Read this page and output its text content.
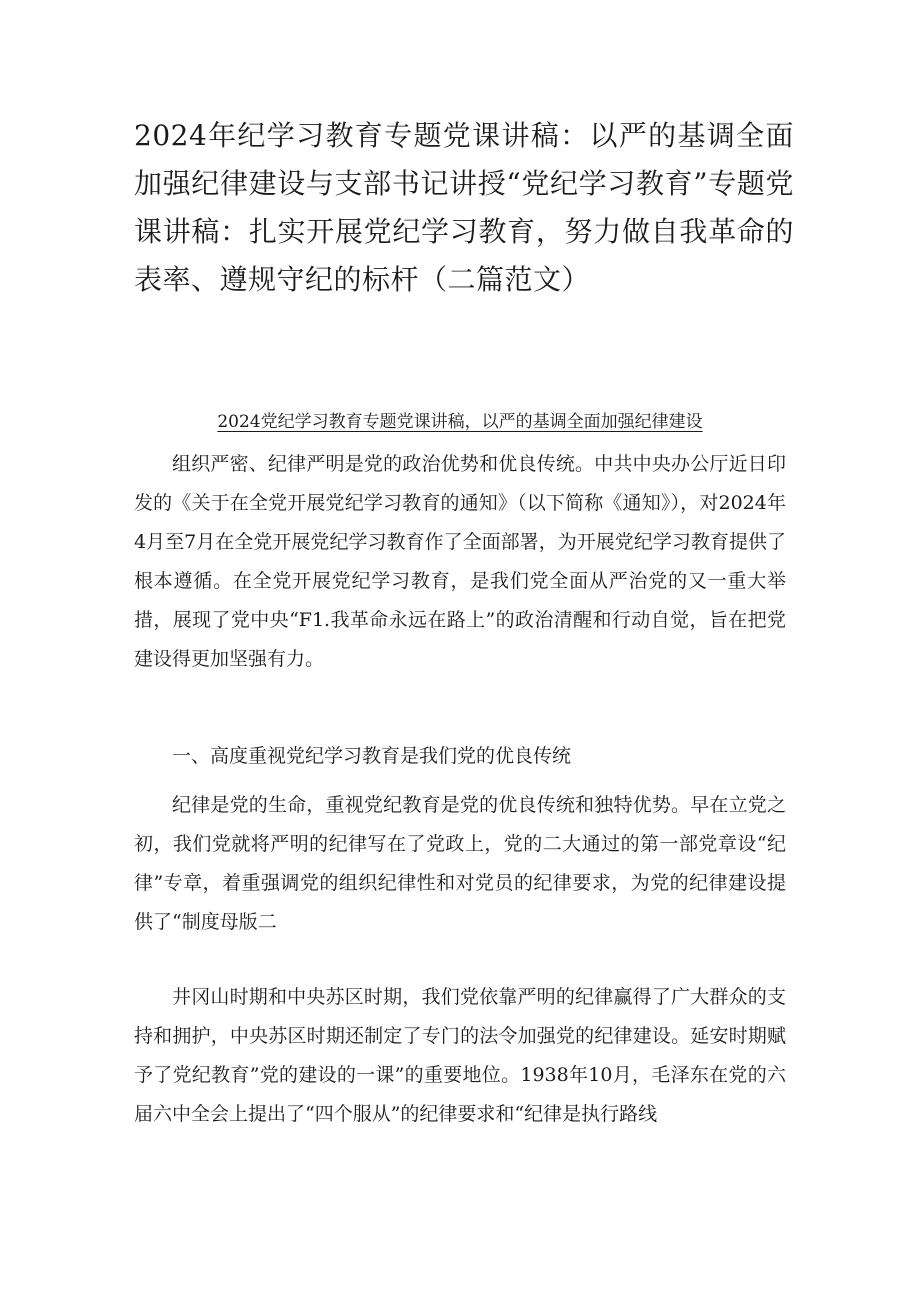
2024年纪学习教育专题党课讲稿：以严的基调全面加强纪律建设与支部书记讲授“党纪学习教育”专题党课讲稿：扎实开展党纪学习教育，努力做自我革命的表率、遵规守纪的标杆（二篇范文）
2024党纪学习教育专题党课讲稿，以严的基调全面加强纪律建设

组织严密、纪律严明是党的政治优势和优良传统。中共中央办公厅近日印发的《关于在全党开展党纪学习教育的通知》（以下简称《通知》），对2024年4月至7月在全党开展党纪学习教育作了全面部署，为开展党纪学习教育提供了根本遵循。在全党开展党纪学习教育，是我们党全面从严治党的又一重大举措，展现了党中央“F1.我革命永远在路上”的政治清醒和行动自觉，旨在把党建设得更加坚强有力。

一、高度重视党纪学习教育是我们党的优良传统

纪律是党的生命，重视党纪教育是党的优良传统和独特优势。早在立党之初，我们党就将严明的纪律写在了党政上，党的二大通过的第一部党章设“纪律”专章，着重强调党的组织纪律性和对党员的纪律要求，为党的纪律建设提供了“制度母版二

井冈山时期和中央苏区时期，我们党依靠严明的纪律赢得了广大群众的支持和拥护，中央苏区时期还制定了专门的法令加强党的纪律建设。延安时期赋予了党纪教育”党的建设的一课”的重要地位。1938年10月，毛泽东在党的六届六中全会上提出了“四个服从”的纪律要求和“纪律是执行路线
